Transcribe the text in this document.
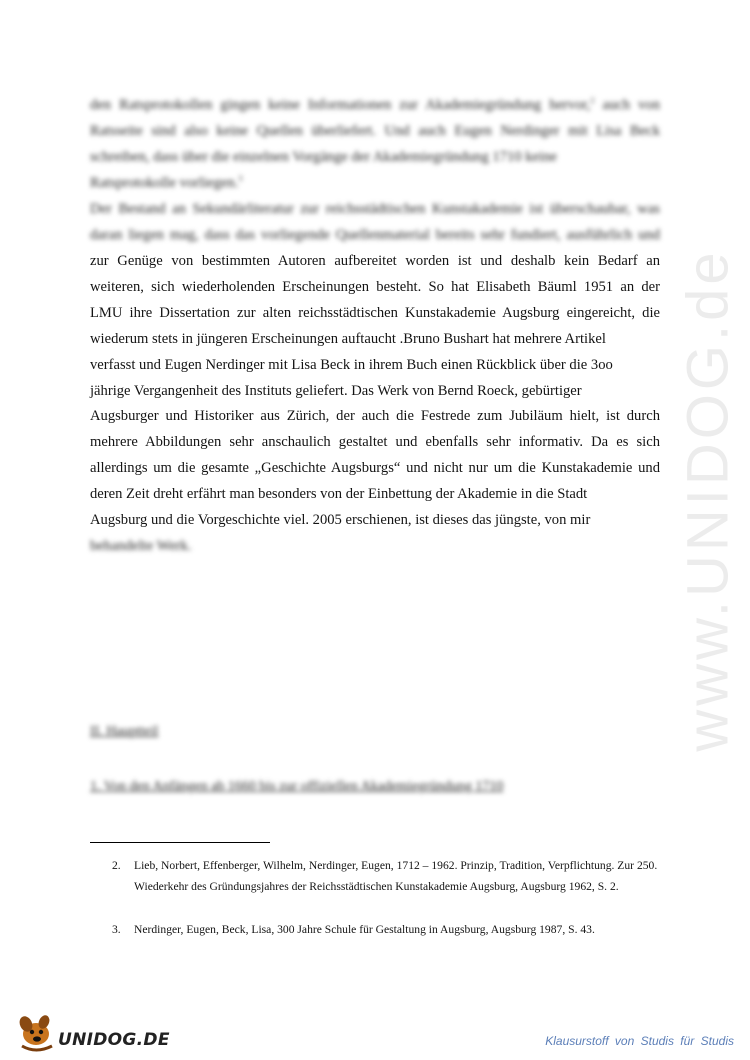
www.UNIDOG.de
den Ratsprotokollen gingen keine Informationen zur Akademiegründung hervor,$^2$ auch von
Ratsseite sind also keine Quellen überliefert. Und auch Eugen Nerdinger mit Lisa Beck
schreiben, dass über die einzelnen Vorgänge der Akademiegründung 1710 keine
Ratsprotokolle vorliegen.$^3$
Der Bestand an Sekundärliteratur zur reichsstädtischen Kunstakademie ist überschaubar, was
daran liegen mag, dass das vorliegende Quellenmaterial bereits sehr fundiert, ausführlich und
zur Genüge von bestimmten Autoren aufbereitet worden ist und deshalb kein Bedarf an
weiteren, sich wiederholenden Erscheinungen besteht. So hat Elisabeth Bäuml 1951 an der
LMU ihre Dissertation zur alten reichsstädtischen Kunstakademie Augsburg eingereicht, die
wiederum stets in jüngeren Erscheinungen auftaucht .Bruno Bushart hat mehrere Artikel
verfasst und Eugen Nerdinger mit Lisa Beck in ihrem Buch einen Rückblick über die 3oo
jährige Vergangenheit des Instituts geliefert. Das Werk von Bernd Roeck, gebürtiger
Augsburger und Historiker aus Zürich, der auch die Festrede zum Jubiläum hielt, ist durch
mehrere Abbildungen sehr anschaulich gestaltet und ebenfalls sehr informativ. Da es sich
allerdings um die gesamte „Geschichte Augsburgs“ und nicht nur um die Kunstakademie und
deren Zeit dreht erfährt man besonders von der Einbettung der Akademie in die Stadt
Augsburg und die Vorgeschichte viel. 2005 erschienen, ist dieses das jüngste, von mir
behandelte Werk.

II. Hauptteil

1. Von den Anfängen ab 1660 bis zur offiziellen Akademiegründung 1710

2. Lieb, Norbert, Effenberger, Wilhelm, Nerdinger, Eugen, 1712 – 1962. Prinzip, Tradition, Verpflichtung. Zur 250. Wiederkehr des Gründungsjahres der Reichsstädtischen Kunstakademie Augsburg, Augsburg 1962, S. 2.
3. Nerdinger, Eugen, Beck, Lisa, 300 Jahre Schule für Gestaltung in Augsburg, Augsburg 1987, S. 43.
UNIDOG.DE	Klausurstoff von Studis für Studis
